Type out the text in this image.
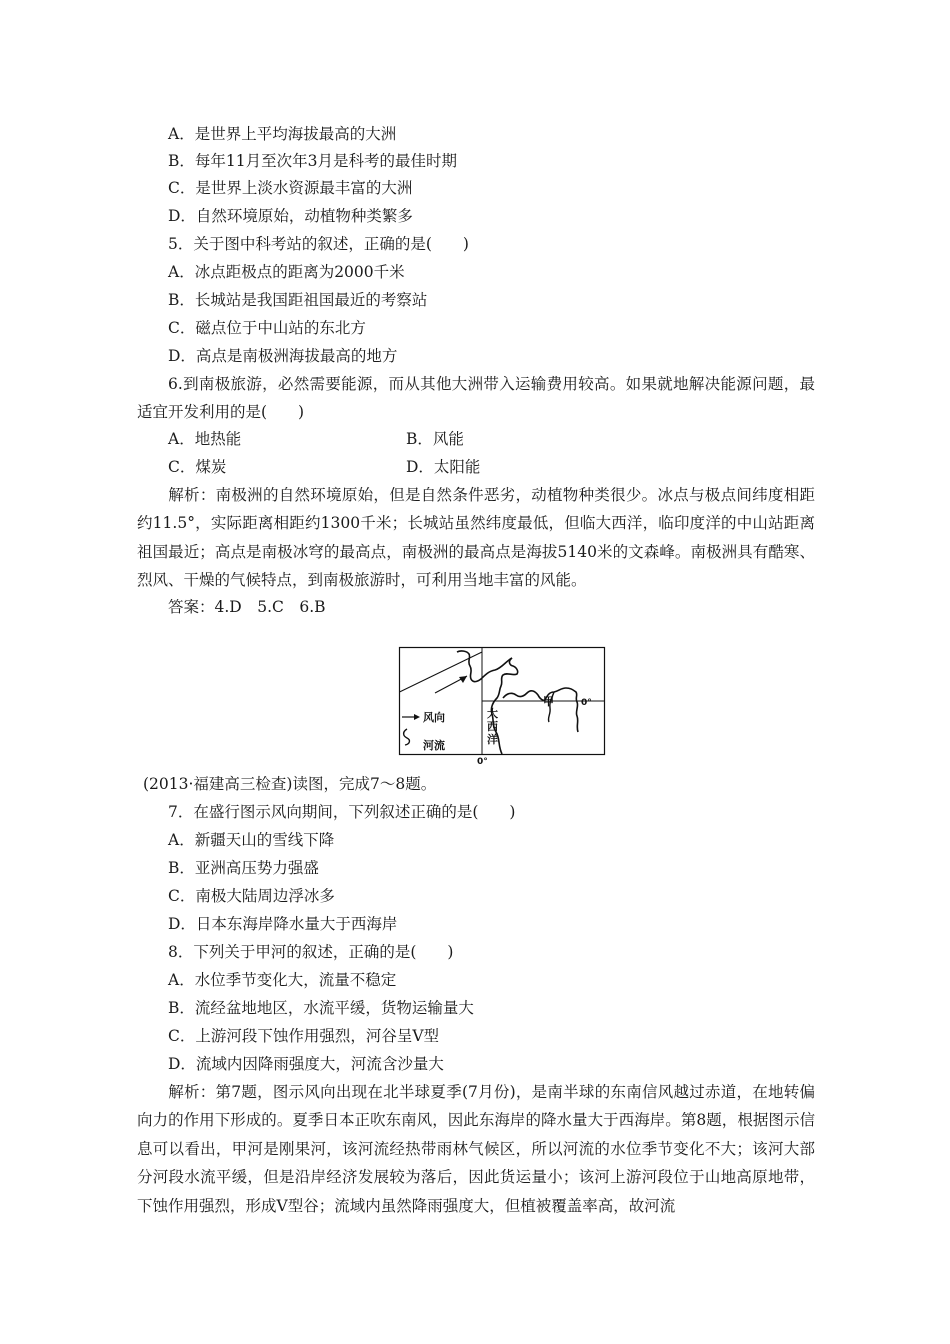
A．是世界上平均海拔最高的大洲
B．每年11月至次年3月是科考的最佳时期
C．是世界上淡水资源最丰富的大洲
D．自然环境原始，动植物种类繁多
5．关于图中科考站的叙述，正确的是(　　)
A．冰点距极点的距离为2000千米
B．长城站是我国距祖国最近的考察站
C．磁点位于中山站的东北方
D．高点是南极洲海拔最高的地方

6.到南极旅游，必然需要能源，而从其他大洲带入运输费用较高。如果就地解决能源问题，最适宜开发利用的是(　　)

A．地热能	B．风能
C．煤炭	D．太阳能

解析：南极洲的自然环境原始，但是自然条件恶劣，动植物种类很少。冰点与极点间纬度相距约11.5°，实际距离相距约1300千米；长城站虽然纬度最低，但临大西洋，临印度洋的中山站距离祖国最近；高点是南极冰穹的最高点，南极洲的最高点是海拔5140米的文森峰。南极洲具有酷寒、烈风、干燥的气候特点，到南极旅游时，可利用当地丰富的风能。

答案：4.D　5.C　6.B
风向
河流
大
西
洋
甲	0°
0°
(2013·福建高三检查)读图，完成7～8题。
7．在盛行图示风向期间，下列叙述正确的是(　　)
A．新疆天山的雪线下降
B．亚洲高压势力强盛
C．南极大陆周边浮冰多
D．日本东海岸降水量大于西海岸
8．下列关于甲河的叙述，正确的是(　　)
A．水位季节变化大，流量不稳定
B．流经盆地地区，水流平缓，货物运输量大
C．上游河段下蚀作用强烈，河谷呈V型
D．流域内因降雨强度大，河流含沙量大

解析：第7题，图示风向出现在北半球夏季(7月份)，是南半球的东南信风越过赤道，在地转偏向力的作用下形成的。夏季日本正吹东南风，因此东海岸的降水量大于西海岸。第8题，根据图示信息可以看出，甲河是刚果河，该河流经热带雨林气候区，所以河流的水位季节变化不大；该河大部分河段水流平缓，但是沿岸经济发展较为落后，因此货运量小；该河上游河段位于山地高原地带，下蚀作用强烈，形成V型谷；流域内虽然降雨强度大，但植被覆盖率高，故河流
